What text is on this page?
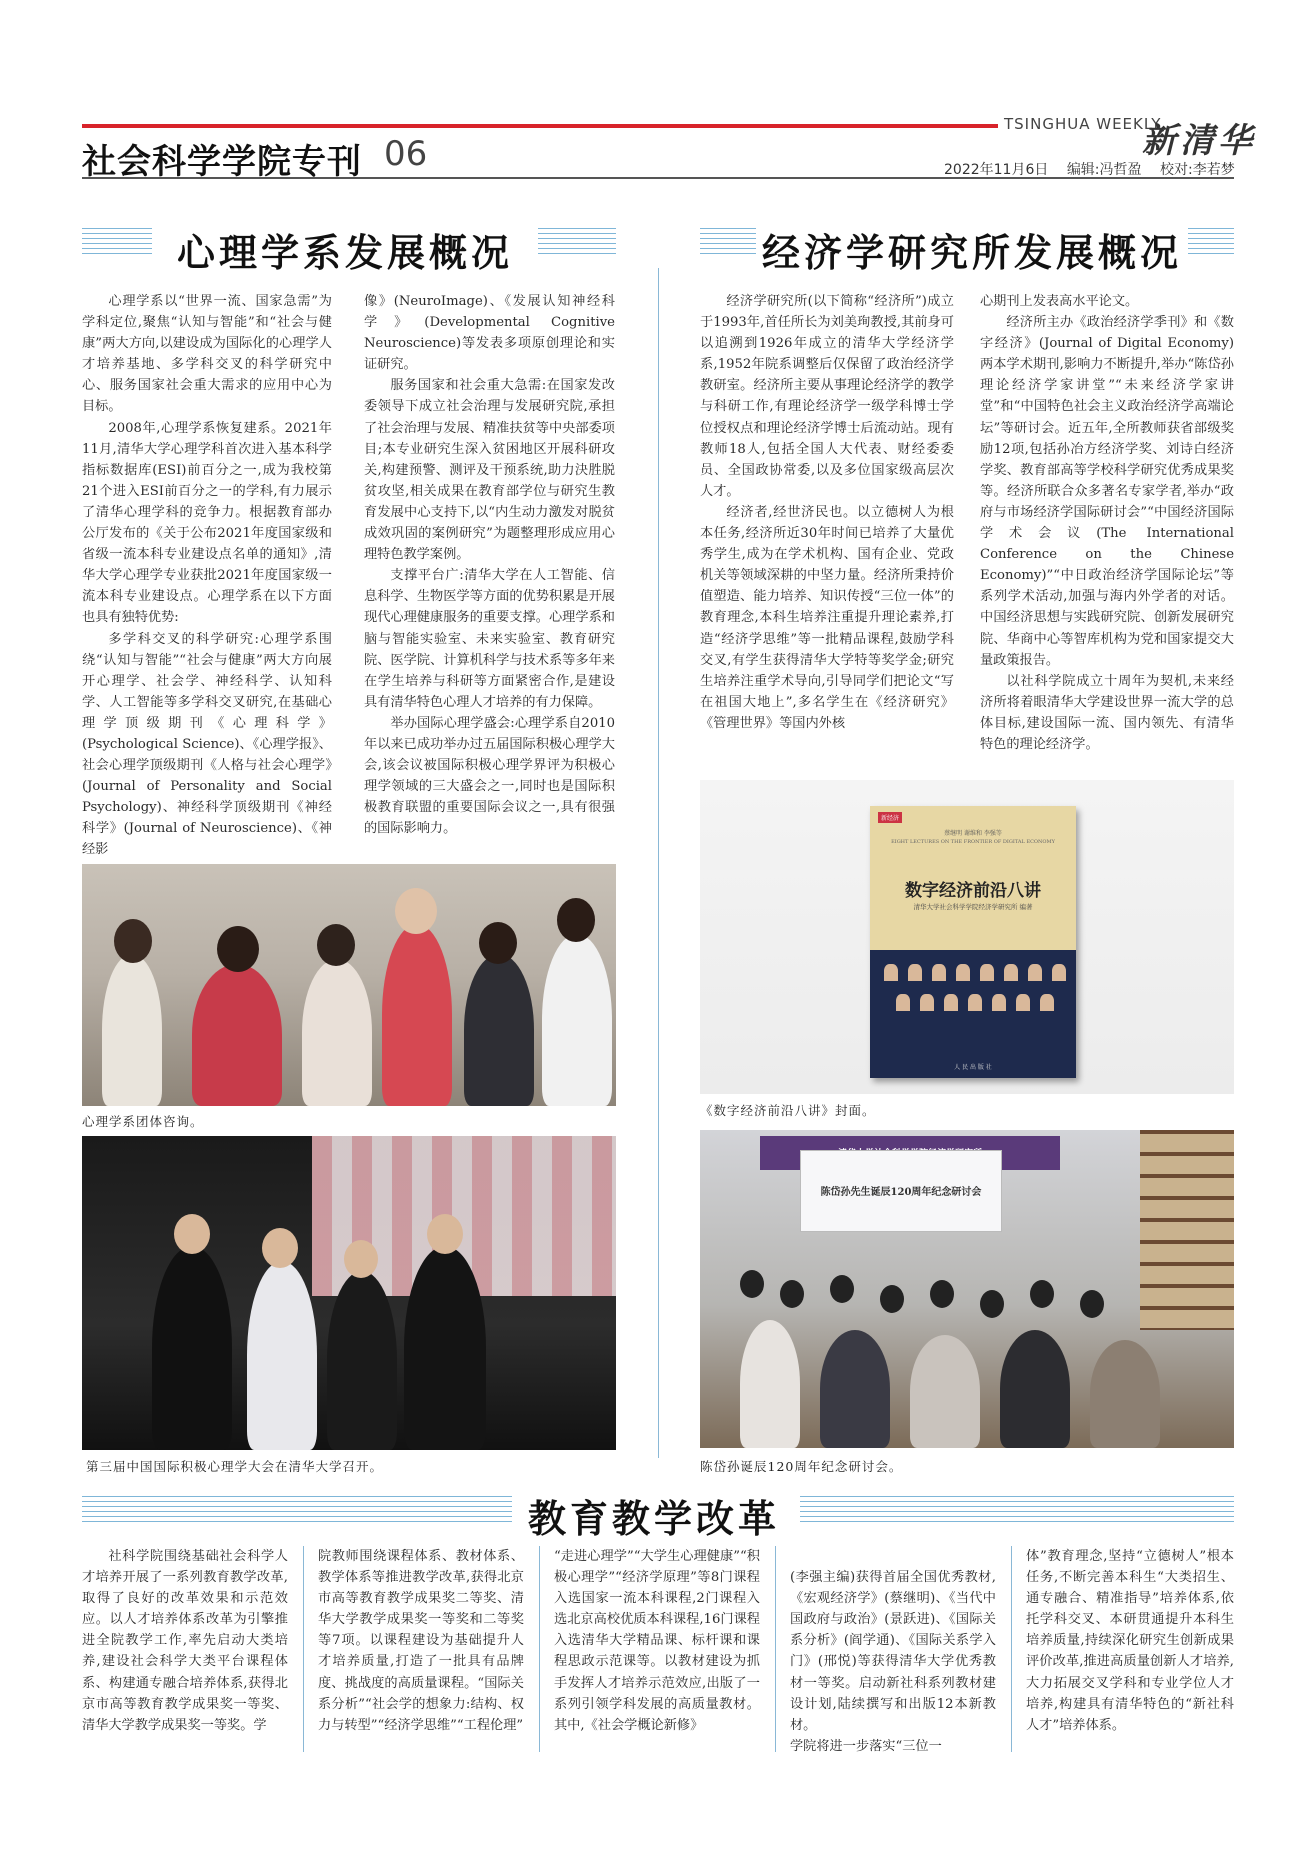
社会科学学院专刊 06
TSINGHUA WEEKLY
新清华
2022年11月6日 编辑:冯哲盈 校对:李若梦
心理学系发展概况	经济学研究所发展概况

心理学系以“世界一流、国家急需”为学科定位,聚焦“认知与智能”和“社会与健康”两大方向,以建设成为国际化的心理学人才培养基地、多学科交叉的科学研究中心、服务国家社会重大需求的应用中心为目标。

2008年,心理学系恢复建系。2021年11月,清华大学心理学科首次进入基本科学指标数据库(ESI)前百分之一,成为我校第21个进入ESI前百分之一的学科,有力展示了清华心理学科的竞争力。根据教育部办公厅发布的《关于公布2021年度国家级和省级一流本科专业建设点名单的通知》,清华大学心理学专业获批2021年度国家级一流本科专业建设点。心理学系在以下方面也具有独特优势:

多学科交叉的科学研究:心理学系围绕“认知与智能”“社会与健康”两大方向展开心理学、社会学、神经科学、认知科学、人工智能等多学科交叉研究,在基础心理学顶级期刊《心理科学》(Psychological Science)、《心理学报》、社会心理学顶级期刊《人格与社会心理学》(Journal of Personality and Social Psychology)、神经科学顶级期刊《神经科学》(Journal of Neuroscience)、《神经影

像》(NeuroImage)、《发展认知神经科学》(Developmental Cognitive Neuroscience)等发表多项原创理论和实证研究。

服务国家和社会重大急需:在国家发改委领导下成立社会治理与发展研究院,承担了社会治理与发展、精准扶贫等中央部委项目;本专业研究生深入贫困地区开展科研攻关,构建预警、测评及干预系统,助力決胜脱贫攻坚,相关成果在教育部学位与研究生教育发展中心支持下,以“内生动力激发对脱贫成效巩固的案例研究”为题整理形成应用心理特色教学案例。

支撑平台广:清华大学在人工智能、信息科学、生物医学等方面的优势积累是开展现代心理健康服务的重要支撑。心理学系和脑与智能实验室、未来实验室、教育研究院、医学院、计算机科学与技术系等多年来在学生培养与科研等方面紧密合作,是建设具有清华特色心理人才培养的有力保障。

举办国际心理学盛会:心理学系自2010年以来已成功举办过五届国际积极心理学大会,该会议被国际积极心理学界评为积极心理学领域的三大盛会之一,同时也是国际积极教育联盟的重要国际会议之一,具有很强的国际影响力。

心理学系团体咨询。
第三届中国国际积极心理学大会在清华大学召开。

经济学研究所(以下简称“经济所”)成立于1993年,首任所长为刘美珣教授,其前身可以追溯到1926年成立的清华大学经济学系,1952年院系调整后仅保留了政治经济学教研室。经济所主要从事理论经济学的教学与科研工作,有理论经济学一级学科博士学位授权点和理论经济学博士后流动站。现有教师18人,包括全国人大代表、财经委委员、全国政协常委,以及多位国家级高层次人才。

经济者,经世济民也。以立德树人为根本任务,经济所近30年时间已培养了大量优秀学生,成为在学术机构、国有企业、党政机关等领域深耕的中坚力量。经济所秉持价值塑造、能力培养、知识传授“三位一体”的教育理念,本科生培养注重提升理论素养,打造“经济学思维”等一批精品课程,鼓励学科交叉,有学生获得清华大学特等奖学金;研究生培养注重学术导向,引导同学们把论文“写在祖国大地上”,多名学生在《经济研究》《管理世界》等国内外核

心期刊上发表高水平论文。

经济所主办《政治经济学季刊》和《数字经济》(Journal of Digital Economy)两本学术期刊,影响力不断提升,举办“陈岱孙理论经济学家讲堂”“未来经济学家讲堂”和“中国特色社会主义政治经济学高端论坛”等研讨会。近五年,全所教师获省部级奖励12项,包括孙冶方经济学奖、刘诗白经济学奖、教育部高等学校科学研究优秀成果奖等。经济所联合众多著名专家学者,举办“政府与市场经济学国际研讨会”“中国经济国际学术会议(The International Conference on the Chinese Economy)”“中日政治经济学国际论坛”等系列学术活动,加强与海内外学者的对话。中国经济思想与实践研究院、创新发展研究院、华商中心等智库机构为党和国家提交大量政策报告。

以社科学院成立十周年为契机,未来经济所将着眼清华大学建设世界一流大学的总体目标,建设国际一流、国内领先、有清华特色的理论经济学。

新经济
蔡继明 谢维和 李强等
EIGHT LECTURES ON THE FRONTIER OF DIGITAL ECONOMY
数字经济前沿八讲
清华大学社会科学学院经济学研究所 编著
人 民 出 版 社
《数字经济前沿八讲》封面。
陈岱孙先生诞辰120周年纪念研讨会
陈岱孙诞辰120周年纪念研讨会。
教育教学改革

社科学院围绕基础社会科学人才培养开展了一系列教育教学改革,取得了良好的改革效果和示范效应。以人才培养体系改革为引擎推进全院教学工作,率先启动大类培养,建设社会科学大类平台课程体系、构建通专融合培养体系,获得北京市高等教育教学成果奖一等奖、清华大学教学成果奖一等奖。学

院教师围绕课程体系、教材体系、教学体系等推进教学改革,获得北京市高等教育教学成果奖二等奖、清华大学教学成果奖一等奖和二等奖等7项。以课程建设为基础提升人才培养质量,打造了一批具有品牌度、挑战度的高质量课程。“国际关系分析”“社会学的想象力:结构、权力与转型”“经济学思维”“工程伦理”

“走进心理学”“大学生心理健康”“积极心理学”“经济学原理”等8门课程入选国家一流本科课程,2门课程入选北京高校优质本科课程,16门课程入选清华大学精品课、标杆课和课程思政示范课等。以教材建设为抓手发挥人才培养示范效应,出版了一系列引领学科发展的高质量教材。其中,《社会学概论新修》

(李强主编)获得首届全国优秀教材,《宏观经济学》(蔡继明)、《当代中国政府与政治》(景跃进)、《国际关系分析》(阎学通)、《国际关系学入门》(邢悦)等获得清华大学优秀教材一等奖。启动新社科系列教材建设计划,陆续撰写和出版12本新教材。
学院将进一步落实“三位一

体”教育理念,坚持“立德树人”根本任务,不断完善本科生“大类招生、通专融合、精准指导”培养体系,依托学科交叉、本研贯通提升本科生培养质量,持续深化研究生创新成果评价改革,推进高质量创新人才培养,大力拓展交叉学科和专业学位人才培养,构建具有清华特色的“新社科人才”培养体系。
